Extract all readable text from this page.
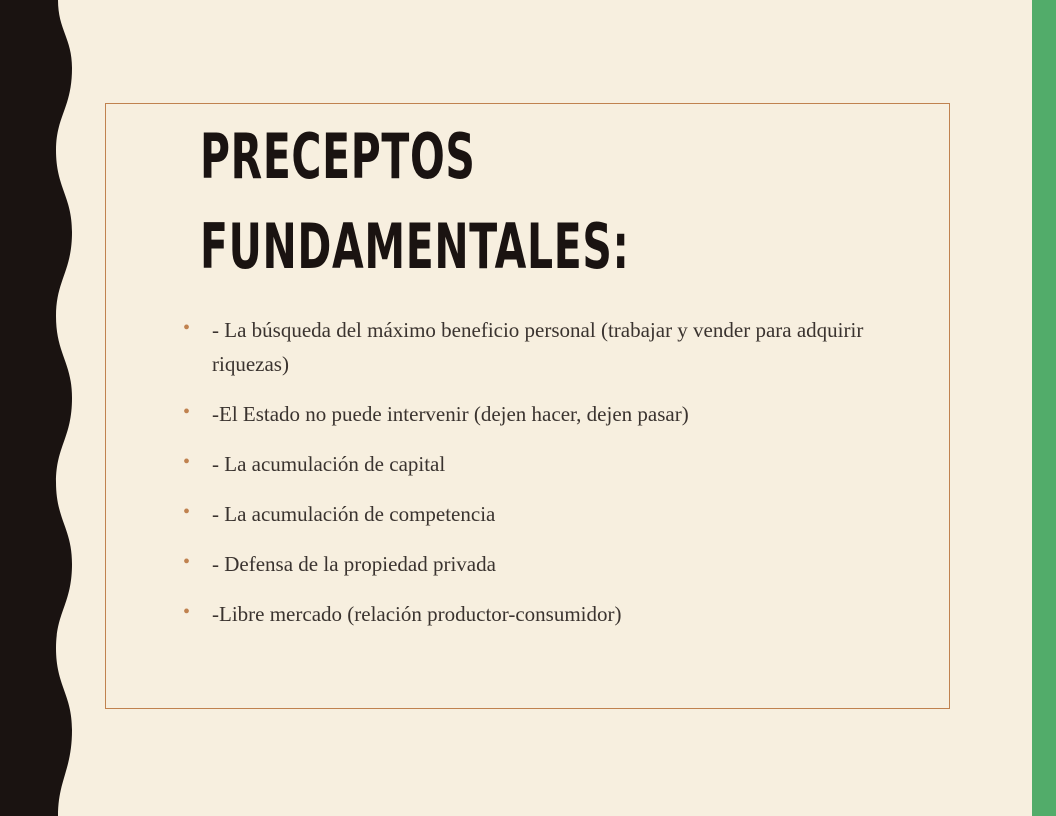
PRECEPTOS
FUNDAMENTALES:
• - La búsqueda del máximo beneficio personal (trabajar y vender para adquirir riquezas)
• -El Estado no puede intervenir (dejen hacer, dejen pasar)
• - La acumulación de capital
• - La acumulación de competencia
• - Defensa de la propiedad privada
• -Libre mercado (relación productor-consumidor)
